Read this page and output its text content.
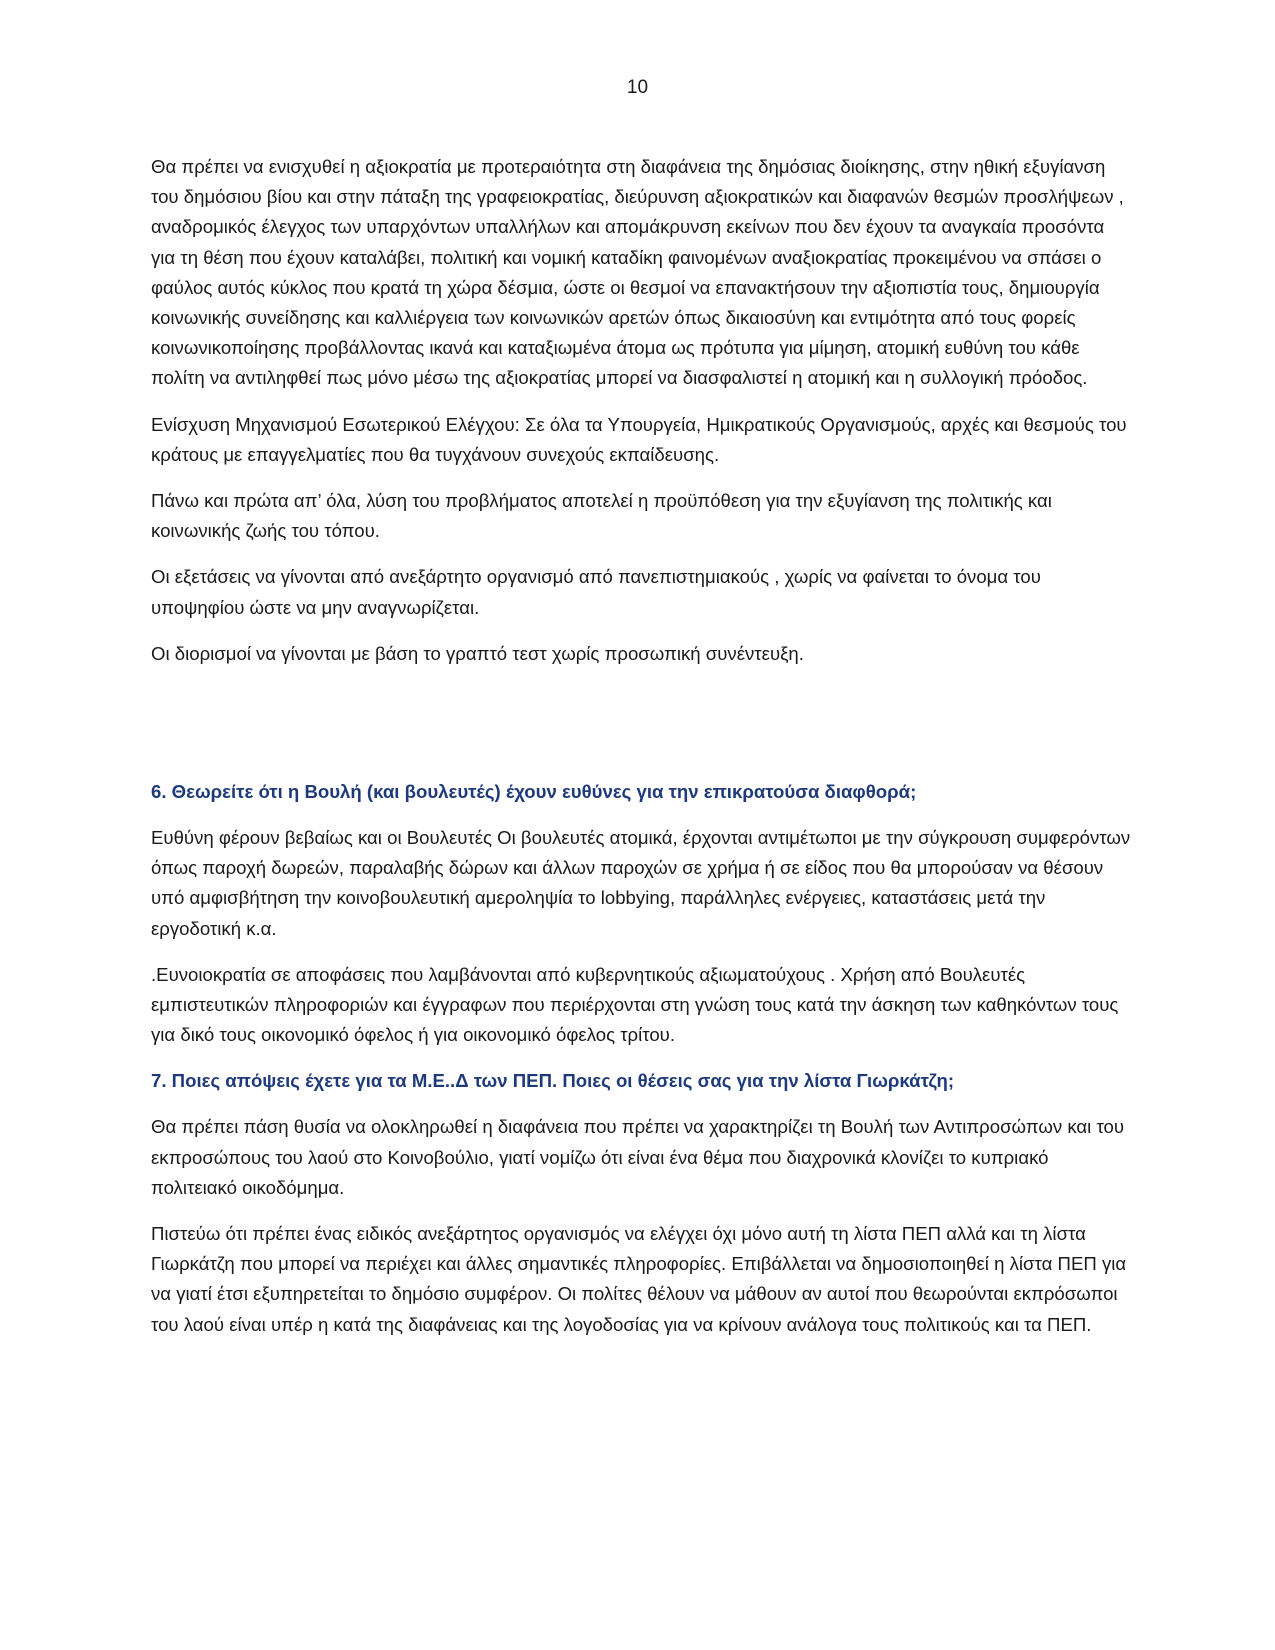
10

Θα πρέπει να ενισχυθεί η αξιοκρατία με προτεραιότητα στη διαφάνεια της δημόσιας διοίκησης, στην ηθική εξυγίανση του δημόσιου βίου και στην πάταξη της γραφειοκρατίας, διεύρυνση αξιοκρατικών και διαφανών θεσμών προσλήψεων , αναδρομικός έλεγχος των υπαρχόντων υπαλλήλων και απομάκρυνση εκείνων που δεν έχουν τα αναγκαία προσόντα για τη θέση που έχουν καταλάβει, πολιτική και νομική καταδίκη φαινομένων αναξιοκρατίας προκειμένου να σπάσει ο φαύλος αυτός κύκλος που κρατά τη χώρα δέσμια, ώστε οι θεσμοί να επανακτήσουν την αξιοπιστία τους, δημιουργία κοινωνικής συνείδησης και καλλιέργεια των κοινωνικών αρετών όπως δικαιοσύνη και εντιμότητα από τους φορείς κοινωνικοποίησης προβάλλοντας ικανά και καταξιωμένα άτομα ως πρότυπα για μίμηση, ατομική ευθύνη του κάθε πολίτη να αντιληφθεί πως μόνο μέσω της αξιοκρατίας μπορεί να διασφαλιστεί η ατομική και η συλλογική πρόοδος.

Ενίσχυση Μηχανισμού Εσωτερικού Ελέγχου: Σε όλα τα Υπουργεία, Ημικρατικούς Οργανισμούς, αρχές και θεσμούς του κράτους με επαγγελματίες που θα τυγχάνουν συνεχούς εκπαίδευσης.

Πάνω και πρώτα απ’ όλα, λύση του προβλήματος αποτελεί η προϋπόθεση για την εξυγίανση της πολιτικής και κοινωνικής ζωής του τόπου.

Οι εξετάσεις να γίνονται από ανεξάρτητο οργανισμό από πανεπιστημιακούς , χωρίς να φαίνεται το όνομα του υποψηφίου ώστε να μην αναγνωρίζεται.

Οι διορισμοί να γίνονται με βάση το γραπτό τεστ χωρίς προσωπική συνέντευξη.

6. Θεωρείτε ότι η Βουλή (και βουλευτές) έχουν ευθύνες για την επικρατούσα διαφθορά;

Ευθύνη φέρουν βεβαίως και οι Βουλευτές Οι βουλευτές ατομικά, έρχονται αντιμέτωποι με την σύγκρουση συμφερόντων όπως παροχή δωρεών, παραλαβής δώρων και άλλων παροχών σε χρήμα ή σε είδος που θα μπορούσαν να θέσουν υπό αμφισβήτηση την κοινοβουλευτική αμεροληψία το lobbying, παράλληλες ενέργειες, καταστάσεις μετά την εργοδοτική κ.α.

.Ευνοιοκρατία σε αποφάσεις που λαμβάνονται από κυβερνητικούς αξιωματούχους . Χρήση από Βουλευτές εμπιστευτικών πληροφοριών και έγγραφων που περιέρχονται στη γνώση τους κατά την άσκηση των καθηκόντων τους για δικό τους οικονομικό όφελος ή για οικονομικό όφελος τρίτου.

7. Ποιες απόψεις έχετε για τα Μ.Ε..Δ των ΠΕΠ. Ποιες οι θέσεις σας για την λίστα Γιωρκάτζη;

Θα πρέπει πάση θυσία να ολοκληρωθεί η διαφάνεια που πρέπει να χαρακτηρίζει τη Βουλή των Αντιπροσώπων και του εκπροσώπους του λαού στο Κοινοβούλιο, γιατί νομίζω ότι είναι ένα θέμα που διαχρονικά κλονίζει το κυπριακό πολιτειακό οικοδόμημα.

Πιστεύω ότι πρέπει ένας ειδικός ανεξάρτητος οργανισμός να ελέγχει όχι μόνο αυτή τη λίστα ΠΕΠ αλλά και τη λίστα Γιωρκάτζη που μπορεί να περιέχει και άλλες σημαντικές πληροφορίες. Επιβάλλεται να δημοσιοποιηθεί η λίστα ΠΕΠ για να γιατί έτσι εξυπηρετείται το δημόσιο συμφέρον. Οι πολίτες θέλουν να μάθουν αν αυτοί που θεωρούνται εκπρόσωποι του λαού είναι υπέρ η κατά της διαφάνειας και της λογοδοσίας για να κρίνουν ανάλογα τους πολιτικούς και τα ΠΕΠ.
